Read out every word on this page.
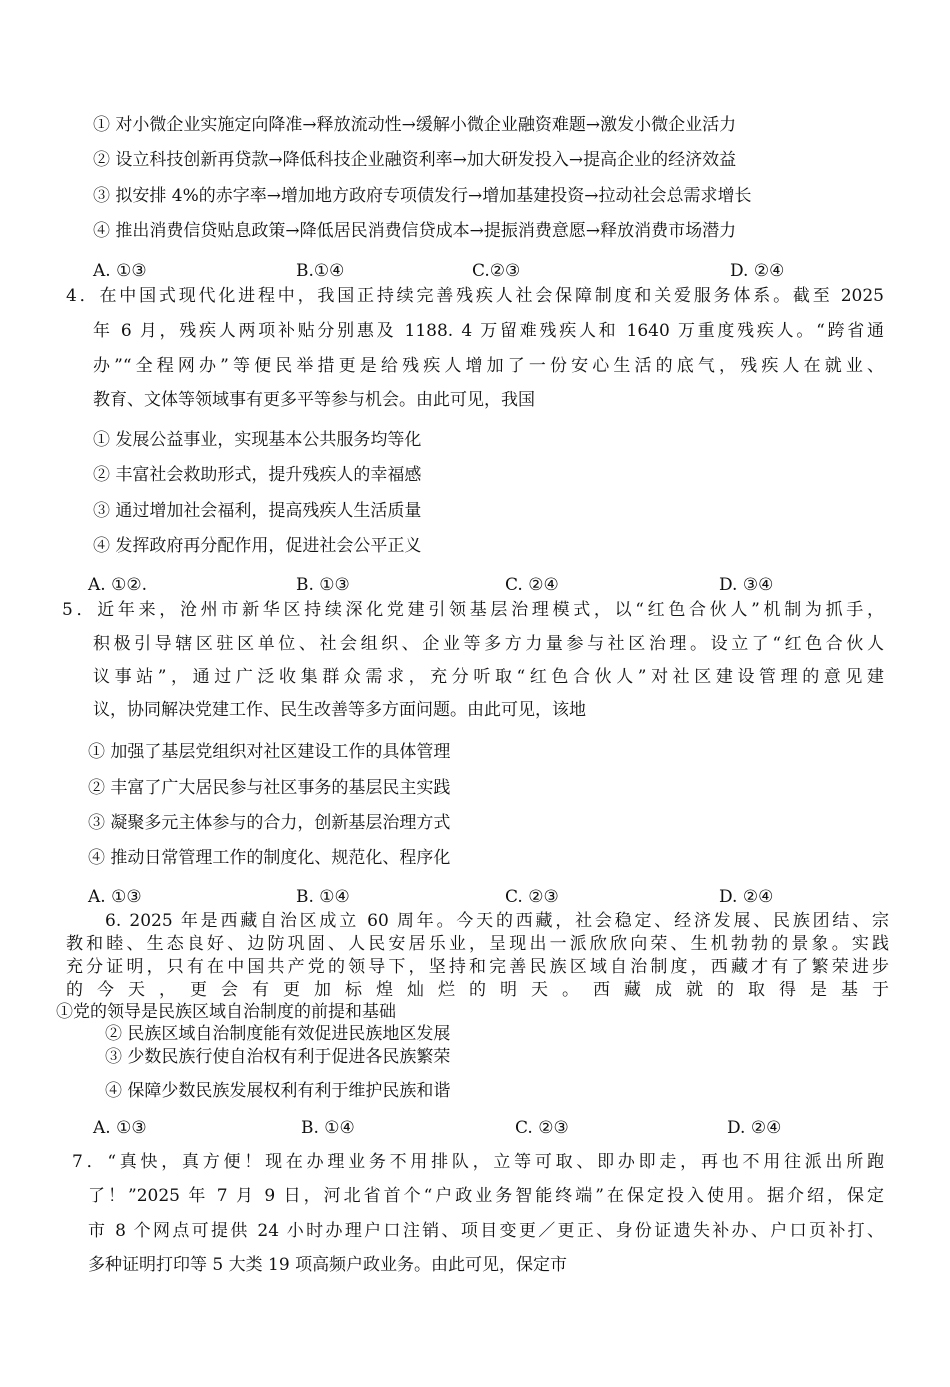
① 对小微企业实施定向降准→释放流动性→缓解小微企业融资难题→激发小微企业活力
② 设立科技创新再贷款→降低科技企业融资利率→加大研发投入→提高企业的经济效益
③ 拟安排 4%的赤字率→增加地方政府专项债发行→增加基建投资→拉动社会总需求增长
④ 推出消费信贷贴息政策→降低居民消费信贷成本→提振消费意愿→释放消费市场潜力
A. ①③	B.①④	C.②③	D. ②④
4．在中国式现代化进程中，我国正持续完善残疾人社会保障制度和关爱服务体系。截至 2025
年 6 月，残疾人两项补贴分别惠及 1188. 4 万留难残疾人和 1640 万重度残疾人。“跨省通
办”“全程网办”等便民举措更是给残疾人增加了一份安心生活的底气，残疾人在就业、
教育、文体等领域事有更多平等参与机会。由此可见，我国
① 发展公益事业，实现基本公共服务均等化
② 丰富社会救助形式，提升残疾人的幸福感
③ 通过增加社会福利，提高残疾人生活质量
④ 发挥政府再分配作用，促进社会公平正义
A. ①②.	B. ①③	C. ②④	D. ③④
5．近年来，沧州市新华区持续深化党建引领基层治理模式，以“红色合伙人”机制为抓手，
积极引导辖区驻区单位、社会组织、企业等多方力量参与社区治理。设立了“红色合伙人
议事站”，通过广泛收集群众需求，充分听取“红色合伙人”对社区建设管理的意见建
议，协同解决党建工作、民生改善等多方面问题。由此可见，该地
① 加强了基层党组织对社区建设工作的具体管理
② 丰富了广大居民参与社区事务的基层民主实践
③ 凝聚多元主体参与的合力，创新基层治理方式
④ 推动日常管理工作的制度化、规范化、程序化
A. ①③	B. ①④	C. ②③	D. ②④
6. 2025 年是西藏自治区成立 60 周年。今天的西藏，社会稳定、经济发展、民族团结、宗
教和睦、生态良好、边防巩固、人民安居乐业，呈现出一派欣欣向荣、生机勃勃的景象。实践
充分证明，只有在中国共产党的领导下，坚持和完善民族区域自治制度，西藏才有了繁荣进步
的 今 天 ， 更 会 有 更 加 标 煌 灿 烂 的 明 天 。 西 藏 成 就 的 取 得 是 基 于
①党的领导是民族区域自治制度的前提和基础
② 民族区域自治制度能有效促进民族地区发展
③ 少数民族行使自治权有利于促进各民族繁荣
④ 保障少数民族发展权利有利于维护民族和谐
A. ①③	B. ①④	C. ②③	D. ②④
7．“真快，真方便！现在办理业务不用排队，立等可取、即办即走，再也不用往派出所跑
了！”2025 年 7 月 9 日，河北省首个“户政业务智能终端”在保定投入使用。据介绍，保定
市 8 个网点可提供 24 小时办理户口注销、项目变更／更正、身份证遗失补办、户口页补打、
多种证明打印等 5 大类 19 项高频户政业务。由此可见，保定市
